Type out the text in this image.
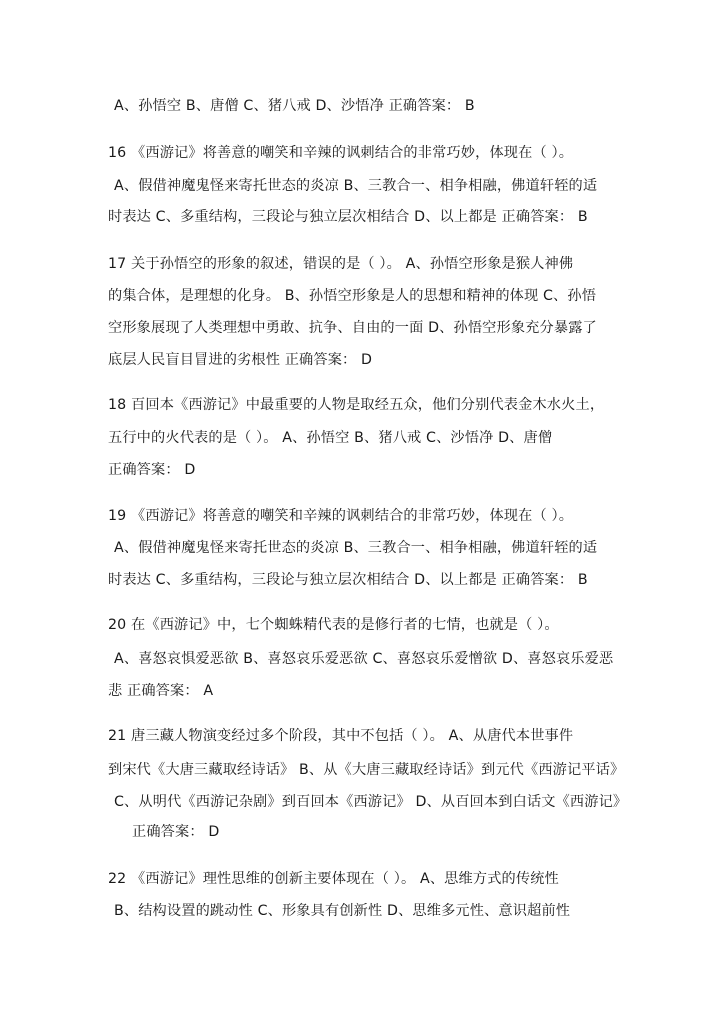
A、孙悟空 B、唐僧 C、猪八戒 D、沙悟净 正确答案： B
16 《西游记》将善意的嘲笑和辛辣的讽刺结合的非常巧妙，体现在（ ）。
A、假借神魔鬼怪来寄托世态的炎凉 B、三教合一、相争相融，佛道轩轾的适
时表达 C、多重结构，三段论与独立层次相结合 D、以上都是 正确答案： B
17 关于孙悟空的形象的叙述，错误的是（ ）。 A、孙悟空形象是猴人神佛
的集合体，是理想的化身。 B、孙悟空形象是人的思想和精神的体现 C、孙悟
空形象展现了人类理想中勇敢、抗争、自由的一面 D、孙悟空形象充分暴露了
底层人民盲目冒进的劣根性 正确答案： D
18 百回本《西游记》中最重要的人物是取经五众，他们分别代表金木水火土，
五行中的火代表的是（ ）。 A、孙悟空 B、猪八戒 C、沙悟净 D、唐僧
正确答案： D
19 《西游记》将善意的嘲笑和辛辣的讽刺结合的非常巧妙，体现在（ ）。
A、假借神魔鬼怪来寄托世态的炎凉 B、三教合一、相争相融，佛道轩轾的适
时表达 C、多重结构，三段论与独立层次相结合 D、以上都是 正确答案： B
20 在《西游记》中，七个蜘蛛精代表的是修行者的七情，也就是（ ）。
A、喜怒哀惧爱恶欲 B、喜怒哀乐爱恶欲 C、喜怒哀乐爱憎欲 D、喜怒哀乐爱恶
悲 正确答案： A
21 唐三藏人物演变经过多个阶段，其中不包括（ ）。 A、从唐代本世事件
到宋代《大唐三藏取经诗话》 B、从《大唐三藏取经诗话》到元代《西游记平话》
C、从明代《西游记杂剧》到百回本《西游记》 D、从百回本到白话文《西游记》
正确答案： D
22 《西游记》理性思维的创新主要体现在（ ）。 A、思维方式的传统性
B、结构设置的跳动性 C、形象具有创新性 D、思维多元性、意识超前性
